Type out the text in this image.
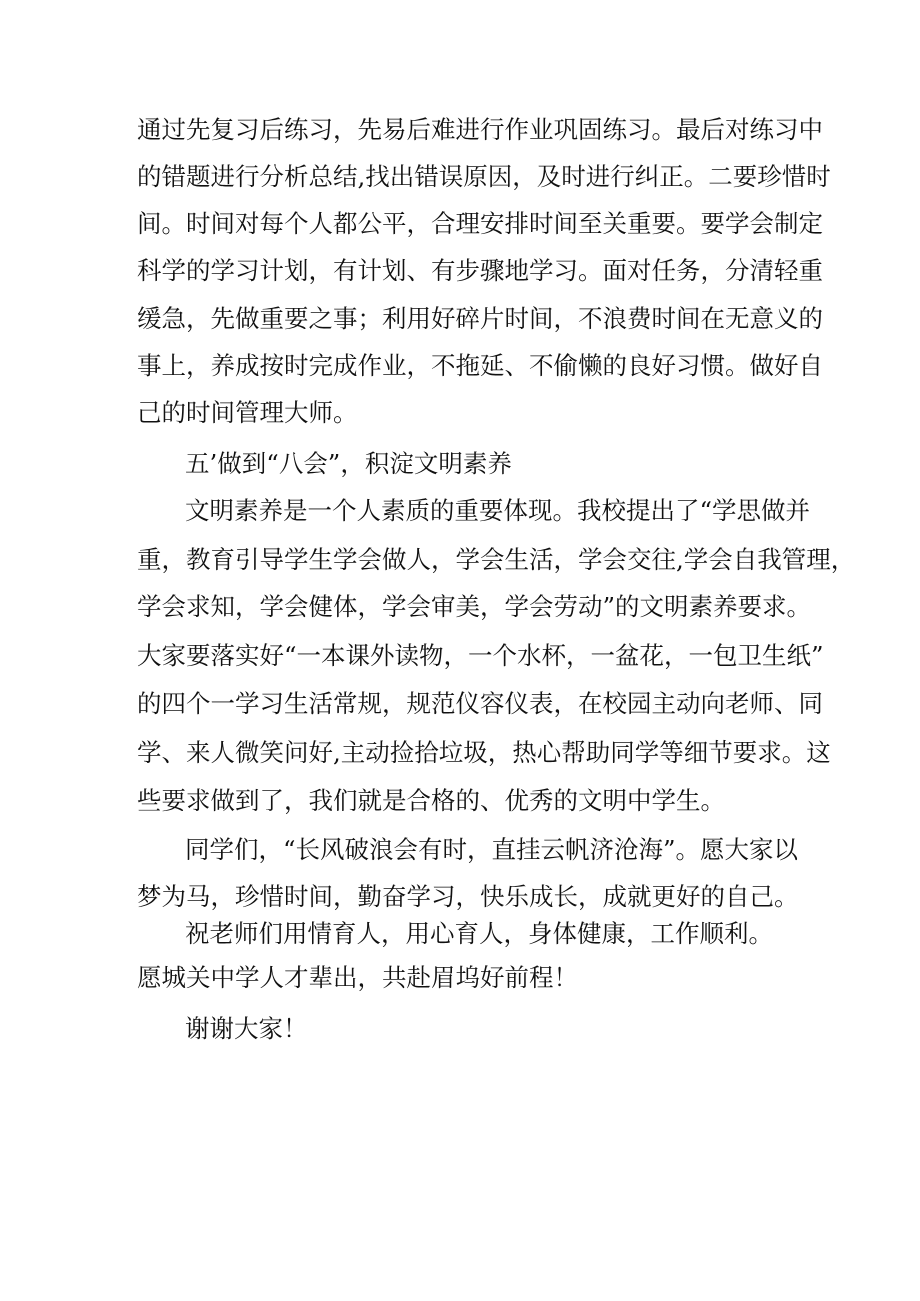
通过先复习后练习，先易后难进行作业巩固练习。最后对练习中
的错题进行分析总结,找出错误原因，及时进行纠正。二要珍惜时
间。时间对每个人都公平，合理安排时间至关重要。要学会制定
科学的学习计划，有计划、有步骤地学习。面对任务，分清轻重
缓急，先做重要之事；利用好碎片时间，不浪费时间在无意义的
事上，养成按时完成作业，不拖延、不偷懒的良好习惯。做好自
己的时间管理大师。
五’做到“八会”，积淀文明素养
文明素养是一个人素质的重要体现。我校提出了“学思做并
重，教育引导学生学会做人，学会生活，学会交往,学会自我管理，
学会求知，学会健体，学会审美，学会劳动”的文明素养要求。
大家要落实好“一本课外读物，一个水杯，一盆花，一包卫生纸”
的四个一学习生活常规，规范仪容仪表，在校园主动向老师、同
学、来人微笑问好,主动捡拾垃圾，热心帮助同学等细节要求。这
些要求做到了，我们就是合格的、优秀的文明中学生。
同学们，“长风破浪会有时，直挂云帆济沧海”。愿大家以
梦为马，珍惜时间，勤奋学习，快乐成长，成就更好的自己。
祝老师们用情育人，用心育人，身体健康，工作顺利。
愿城关中学人才辈出，共赴眉坞好前程！
谢谢大家！
